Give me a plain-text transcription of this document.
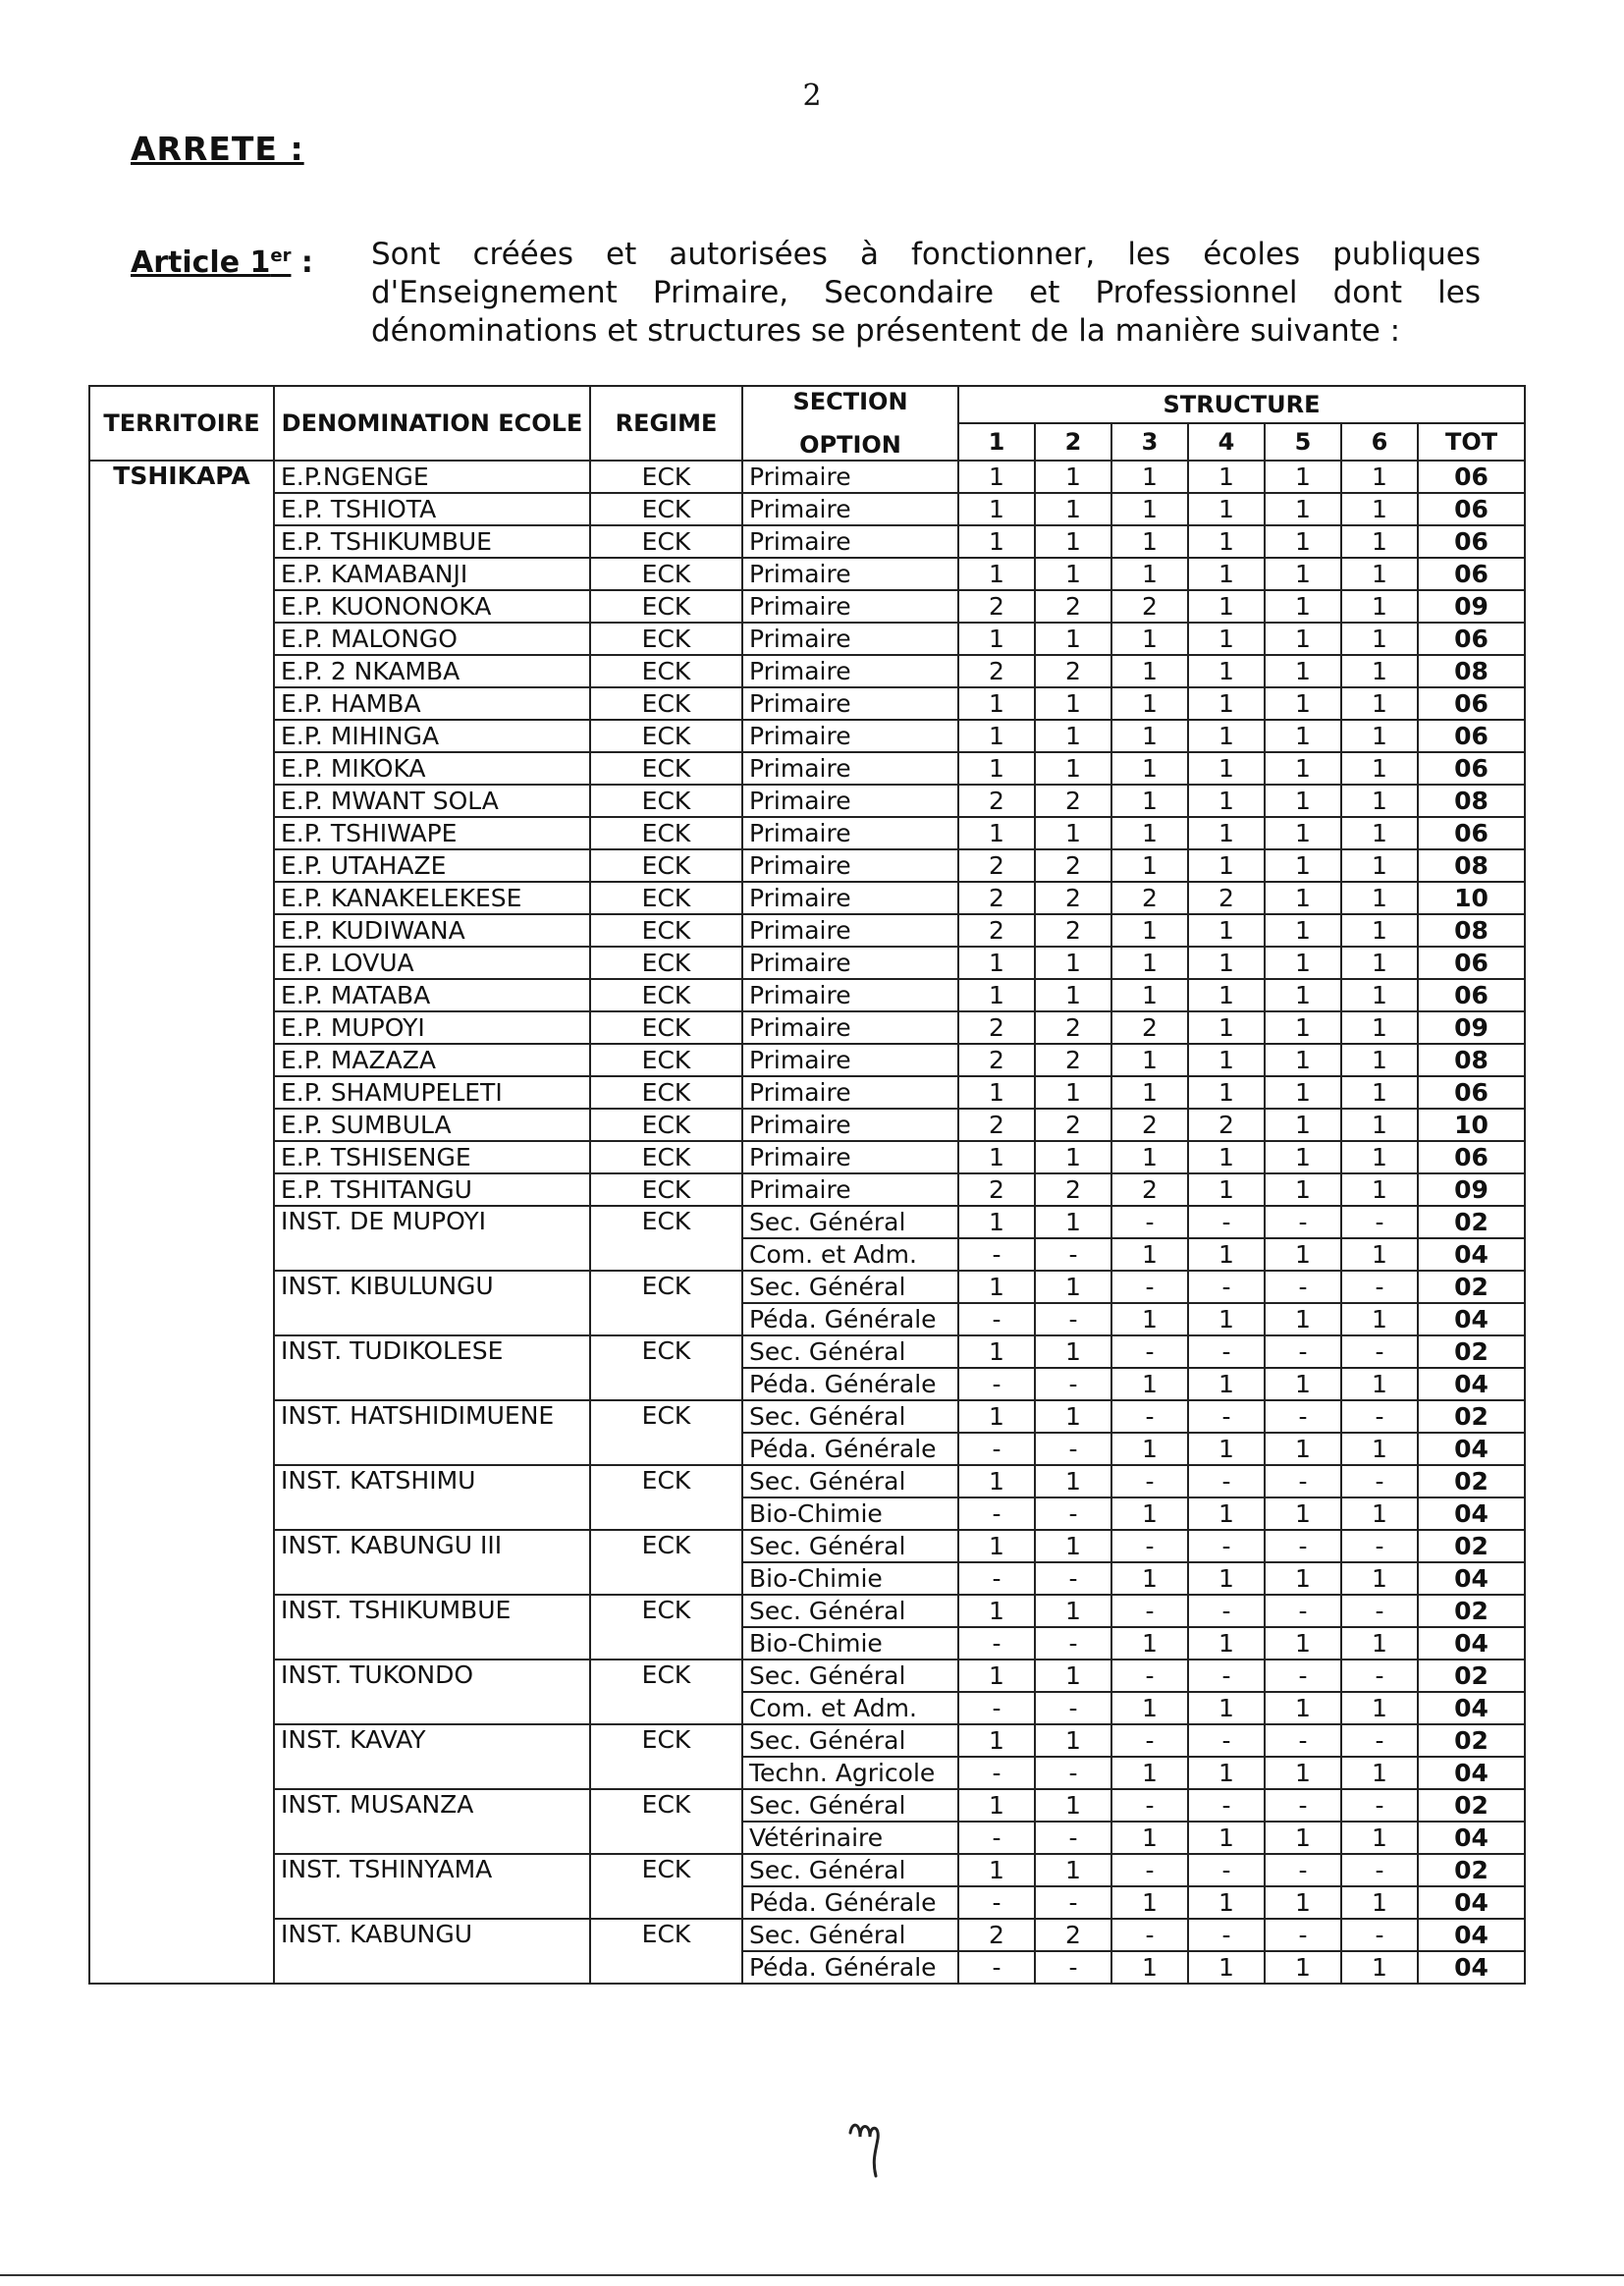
2
ARRETE :
Article 1er : Sont créées et autorisées à fonctionner, les écoles publiques d'Enseignement Primaire, Secondaire et Professionnel dont les dénominations et structures se présentent de la manière suivante :
TERRITOIRE	DENOMINATION ECOLE	REGIME	SECTION
OPTION	STRUCTURE						
				1	2	3	4	5	6	TOT
TSHIKAPA	E.P.NGENGE	ECK	Primaire	1	1	1	1	1	1	06
	E.P. TSHIOTA	ECK	Primaire	1	1	1	1	1	1	06
	E.P. TSHIKUMBUE	ECK	Primaire	1	1	1	1	1	1	06
	E.P. KAMABANJI	ECK	Primaire	1	1	1	1	1	1	06
	E.P. KUONONOKA	ECK	Primaire	2	2	2	1	1	1	09
	E.P. MALONGO	ECK	Primaire	1	1	1	1	1	1	06
	E.P. 2 NKAMBA	ECK	Primaire	2	2	1	1	1	1	08
	E.P. HAMBA	ECK	Primaire	1	1	1	1	1	1	06
	E.P. MIHINGA	ECK	Primaire	1	1	1	1	1	1	06
	E.P. MIKOKA	ECK	Primaire	1	1	1	1	1	1	06
	E.P. MWANT SOLA	ECK	Primaire	2	2	1	1	1	1	08
	E.P. TSHIWAPE	ECK	Primaire	1	1	1	1	1	1	06
	E.P. UTAHAZE	ECK	Primaire	2	2	1	1	1	1	08
	E.P. KANAKELEKESE	ECK	Primaire	2	2	2	2	1	1	10
	E.P. KUDIWANA	ECK	Primaire	2	2	1	1	1	1	08
	E.P. LOVUA	ECK	Primaire	1	1	1	1	1	1	06
	E.P. MATABA	ECK	Primaire	1	1	1	1	1	1	06
	E.P. MUPOYI	ECK	Primaire	2	2	2	1	1	1	09
	E.P. MAZAZA	ECK	Primaire	2	2	1	1	1	1	08
	E.P. SHAMUPELETI	ECK	Primaire	1	1	1	1	1	1	06
	E.P. SUMBULA	ECK	Primaire	2	2	2	2	1	1	10
	E.P. TSHISENGE	ECK	Primaire	1	1	1	1	1	1	06
	E.P. TSHITANGU	ECK	Primaire	2	2	2	1	1	1	09
	INST. DE MUPOYI	ECK	Sec. Général	1	1	-	-	-	-	02
			Com. et Adm.	-	-	1	1	1	1	04
	INST. KIBULUNGU	ECK	Sec. Général	1	1	-	-	-	-	02
			Péda. Générale	-	-	1	1	1	1	04
	INST. TUDIKOLESE	ECK	Sec. Général	1	1	-	-	-	-	02
			Péda. Générale	-	-	1	1	1	1	04
	INST. HATSHIDIMUENE	ECK	Sec. Général	1	1	-	-	-	-	02
			Péda. Générale	-	-	1	1	1	1	04
	INST. KATSHIMU	ECK	Sec. Général	1	1	-	-	-	-	02
			Bio-Chimie	-	-	1	1	1	1	04
	INST. KABUNGU III	ECK	Sec. Général	1	1	-	-	-	-	02
			Bio-Chimie	-	-	1	1	1	1	04
	INST. TSHIKUMBUE	ECK	Sec. Général	1	1	-	-	-	-	02
			Bio-Chimie	-	-	1	1	1	1	04
	INST. TUKONDO	ECK	Sec. Général	1	1	-	-	-	-	02
			Com. et Adm.	-	-	1	1	1	1	04
	INST. KAVAY	ECK	Sec. Général	1	1	-	-	-	-	02
			Techn. Agricole	-	-	1	1	1	1	04
	INST. MUSANZA	ECK	Sec. Général	1	1	-	-	-	-	02
			Vétérinaire	-	-	1	1	1	1	04
	INST. TSHINYAMA	ECK	Sec. Général	1	1	-	-	-	-	02
			Péda. Générale	-	-	1	1	1	1	04
	INST. KABUNGU	ECK	Sec. Général	2	2	-	-	-	-	04
			Péda. Générale	-	-	1	1	1	1	04
